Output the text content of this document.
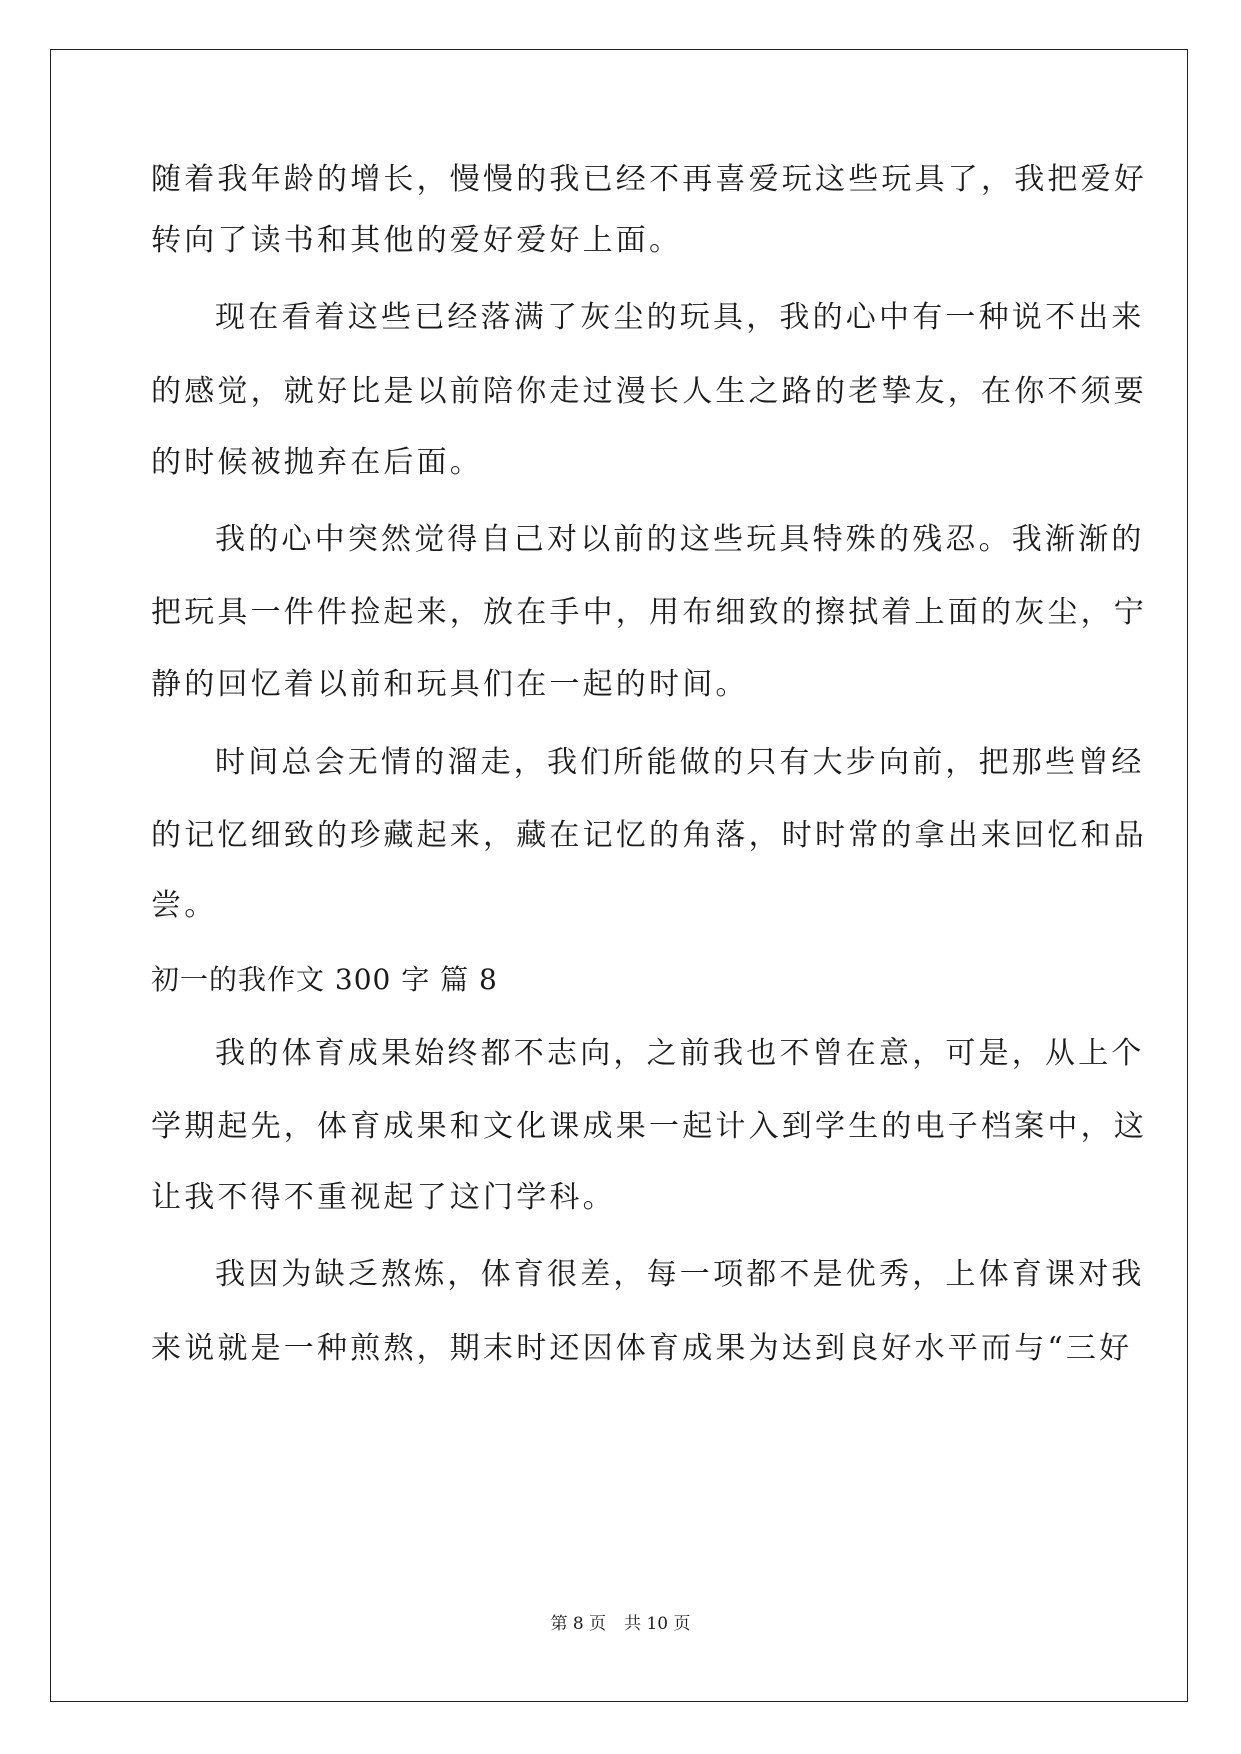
随着我年龄的增长，慢慢的我已经不再喜爱玩这些玩具了，我把爱好
转向了读书和其他的爱好爱好上面。
现在看着这些已经落满了灰尘的玩具，我的心中有一种说不出来
的感觉，就好比是以前陪你走过漫长人生之路的老挚友，在你不须要
的时候被抛弃在后面。
我的心中突然觉得自己对以前的这些玩具特殊的残忍。我渐渐的
把玩具一件件捡起来，放在手中，用布细致的擦拭着上面的灰尘，宁
静的回忆着以前和玩具们在一起的时间。
时间总会无情的溜走，我们所能做的只有大步向前，把那些曾经
的记忆细致的珍藏起来，藏在记忆的角落，时时常的拿出来回忆和品
尝。
初一的我作文 300 字 篇 8
我的体育成果始终都不志向，之前我也不曾在意，可是，从上个
学期起先，体育成果和文化课成果一起计入到学生的电子档案中，这
让我不得不重视起了这门学科。
我因为缺乏熬炼，体育很差，每一项都不是优秀，上体育课对我
来说就是一种煎熬，期末时还因体育成果为达到良好水平而与“三好
第 8 页 共 10 页
